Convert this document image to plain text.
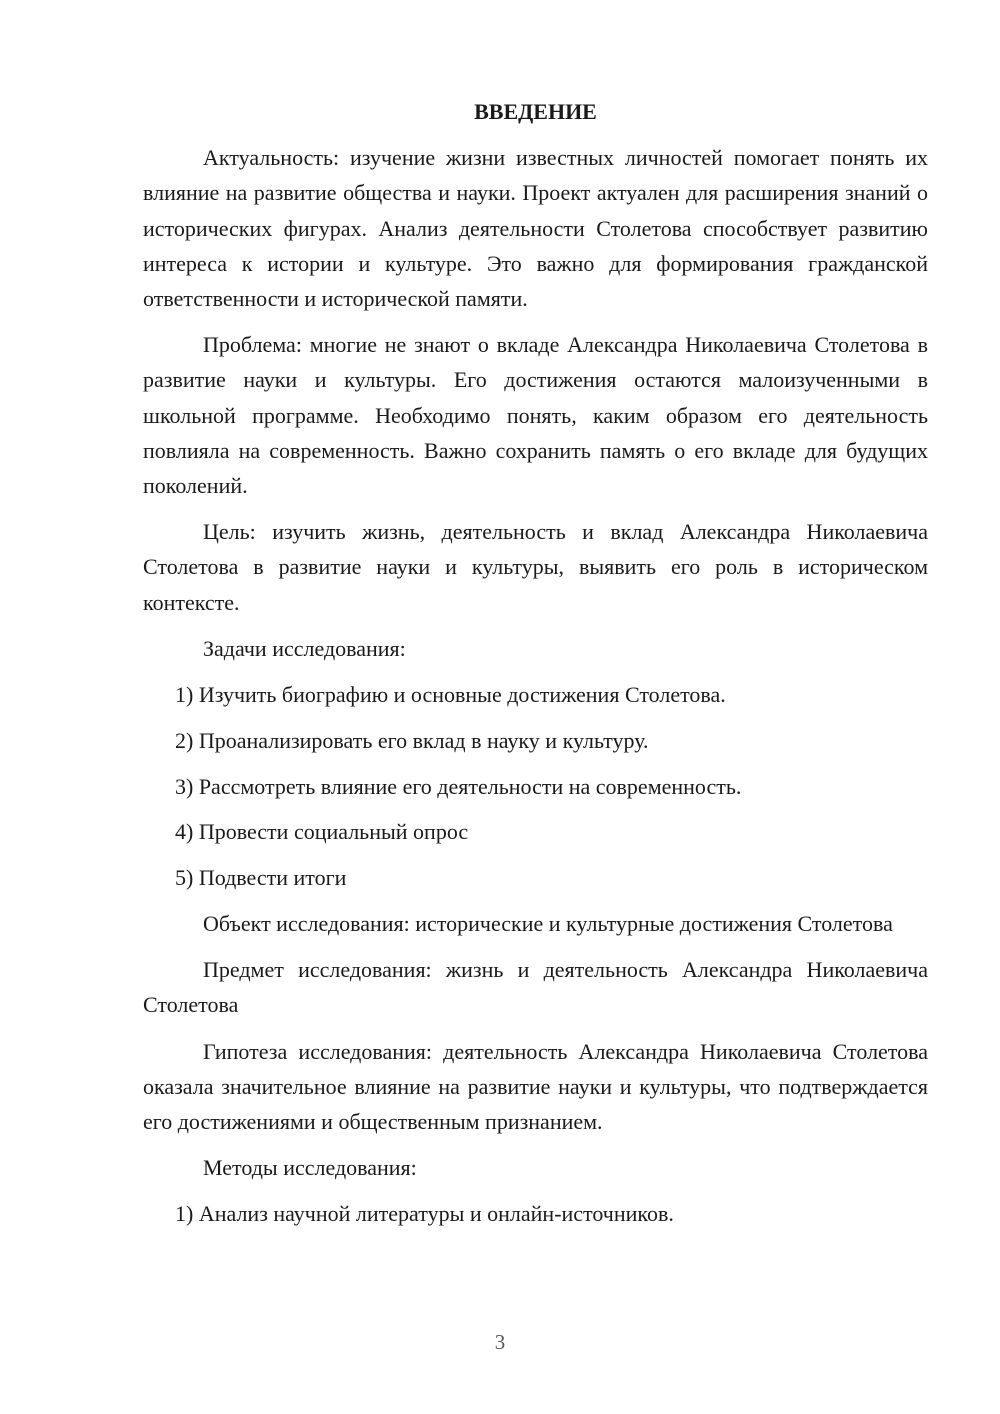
ВВЕДЕНИЕ
Актуальность: изучение жизни известных личностей помогает понять их влияние на развитие общества и науки. Проект актуален для расширения знаний о исторических фигурах. Анализ деятельности Столетова способствует развитию интереса к истории и культуре. Это важно для формирования гражданской ответственности и исторической памяти.
Проблема: многие не знают о вкладе Александра Николаевича Столетова в развитие науки и культуры. Его достижения остаются малоизученными в школьной программе. Необходимо понять, каким образом его деятельность повлияла на современность. Важно сохранить память о его вкладе для будущих поколений.
Цель: изучить жизнь, деятельность и вклад Александра Николаевича Столетова в развитие науки и культуры, выявить его роль в историческом контексте.
Задачи исследования:
1) Изучить биографию и основные достижения Столетова.
2) Проанализировать его вклад в науку и культуру.
3) Рассмотреть влияние его деятельности на современность.
4) Провести социальный опрос
5) Подвести итоги
Объект исследования: исторические и культурные достижения Столетова
Предмет исследования: жизнь и деятельность Александра Николаевича Столетова
Гипотеза исследования: деятельность Александра Николаевича Столетова оказала значительное влияние на развитие науки и культуры, что подтверждается его достижениями и общественным признанием.
Методы исследования:
1) Анализ научной литературы и онлайн-источников.
3
